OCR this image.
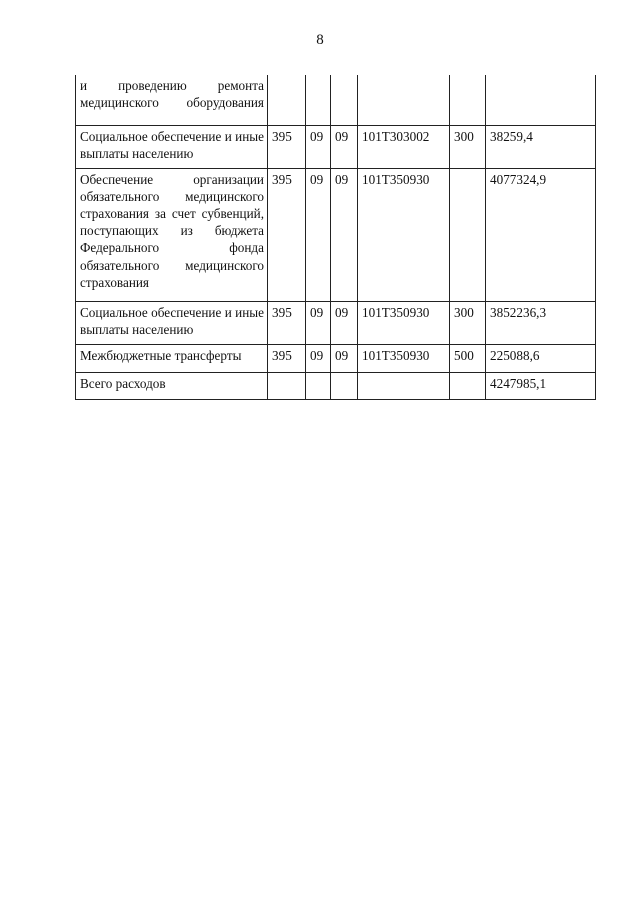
8
и проведению ремонта медицинского оборудования						
Социальное обеспечение и иные выплаты населению	395	09	09	101Т303002	300	38259,4
Обеспечение организации обязательного медицинского страхования за счет субвенций, поступающих из бюджета Федерального фонда обязательного медицинского страхования	395	09	09	101Т350930		4077324,9
Социальное обеспечение и иные выплаты населению	395	09	09	101Т350930	300	3852236,3
Межбюджетные трансферты	395	09	09	101Т350930	500	225088,6
Всего расходов						4247985,1
